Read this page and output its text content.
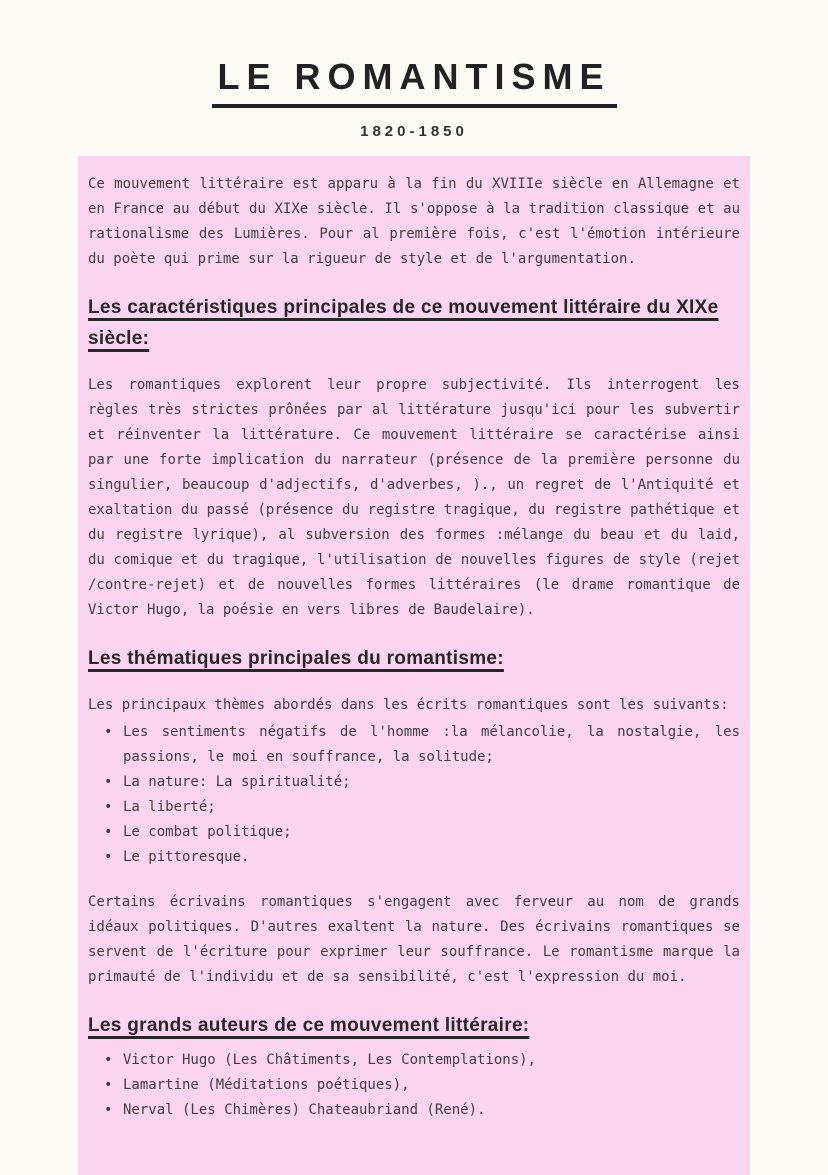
LE ROMANTISME
1820-1850

Ce mouvement littéraire est apparu à la fin du XVIIIe siècle en Allemagne et en France au début du XIXe siècle. Il s'oppose à la tradition classique et au rationalisme des Lumières. Pour al première fois, c'est l'émotion intérieure du poète qui prime sur la rigueur de style et de l'argumentation.

Les caractéristiques principales de ce mouvement littéraire du XIXe siècle:

Les romantiques explorent leur propre subjectivité. Ils interrogent les règles très strictes prônées par al littérature jusqu'ici pour les subvertir et réinventer la littérature. Ce mouvement littéraire se caractérise ainsi par une forte implication du narrateur (présence de la première personne du singulier, beaucoup d'adjectifs, d'adverbes, )., un regret de l'Antiquité et exaltation du passé (présence du registre tragique, du registre pathétique et du registre lyrique), al subversion des formes :mélange du beau et du laid, du comique et du tragique, l'utilisation de nouvelles figures de style (rejet /contre-rejet) et de nouvelles formes littéraires (le drame romantique de Victor Hugo, la poésie en vers libres de Baudelaire).

Les thématiques principales du romantisme:

Les principaux thèmes abordés dans les écrits romantiques sont les suivants:

• Les sentiments négatifs de l'homme :la mélancolie, la nostalgie, les passions, le moi en souffrance, la solitude;
• La nature: La spiritualité;
• La liberté;
• Le combat politique;
• Le pittoresque.

Certains écrivains romantiques s'engagent avec ferveur au nom de grands idéaux politiques. D'autres exaltent la nature. Des écrivains romantiques se servent de l'écriture pour exprimer leur souffrance. Le romantisme marque la primauté de l'individu et de sa sensibilité, c'est l'expression du moi.

Les grands auteurs de ce mouvement littéraire:
• Victor Hugo (Les Châtiments, Les Contemplations),
• Lamartine (Méditations poétiques),
• Nerval (Les Chimères) Chateaubriand (René).
